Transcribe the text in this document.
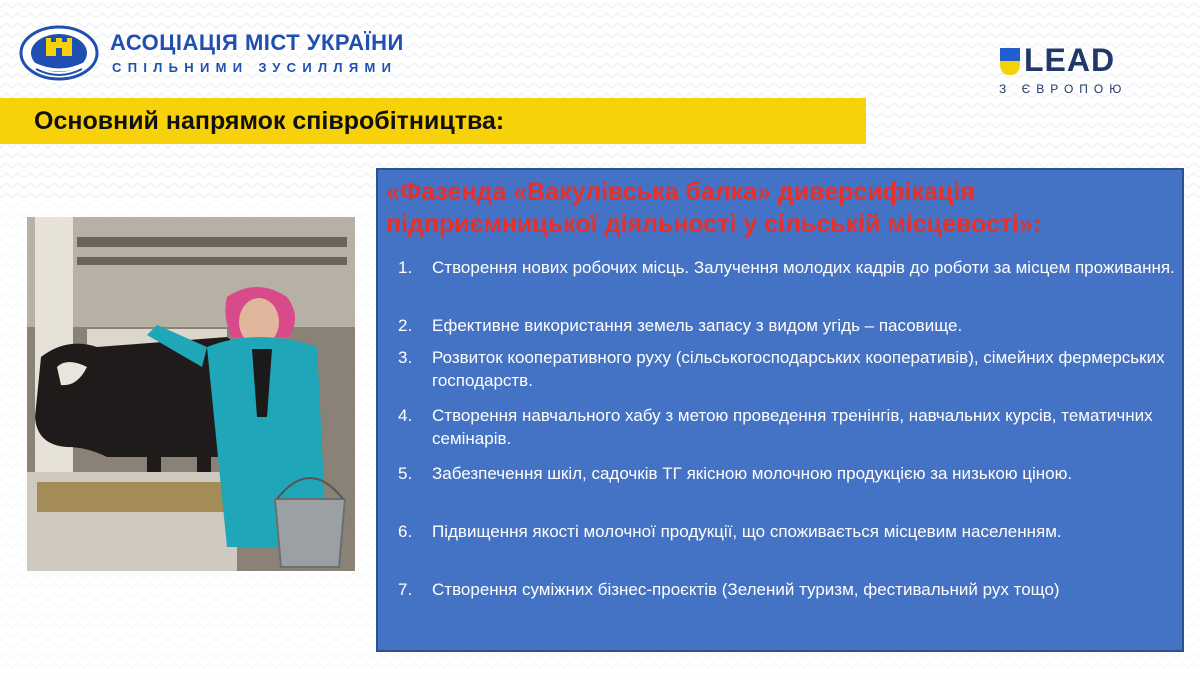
АСОЦІАЦІЯ МІСТ УКРАЇНИ
СПІЛЬНИМИ ЗУСИЛЛЯМИ	LEAD
З ЄВРОПОЮ
Основний напрямок співробітництва:
«Фазенда «Вакулівська балка» диверсифікація підприємницької діяльності у сільській місцевості»:
1.	Створення нових робочих місць. Залучення молодих кадрів до роботи за місцем проживання.
2.	Ефективне використання земель запасу з видом угідь – пасовище.
3.	Розвиток кооперативного руху (сільськогосподарських кооперативів), сімейних фермерських господарств.
4.	Створення навчального хабу з метою проведення тренінгів, навчальних курсів, тематичних семінарів.
5.	Забезпечення шкіл, садочків ТГ якісною молочною продукцією за низькою ціною.
6.	Підвищення якості молочної продукції, що споживається місцевим населенням.
7.	Створення суміжних бізнес-проєктів (Зелений туризм, фестивальний рух тощо)
